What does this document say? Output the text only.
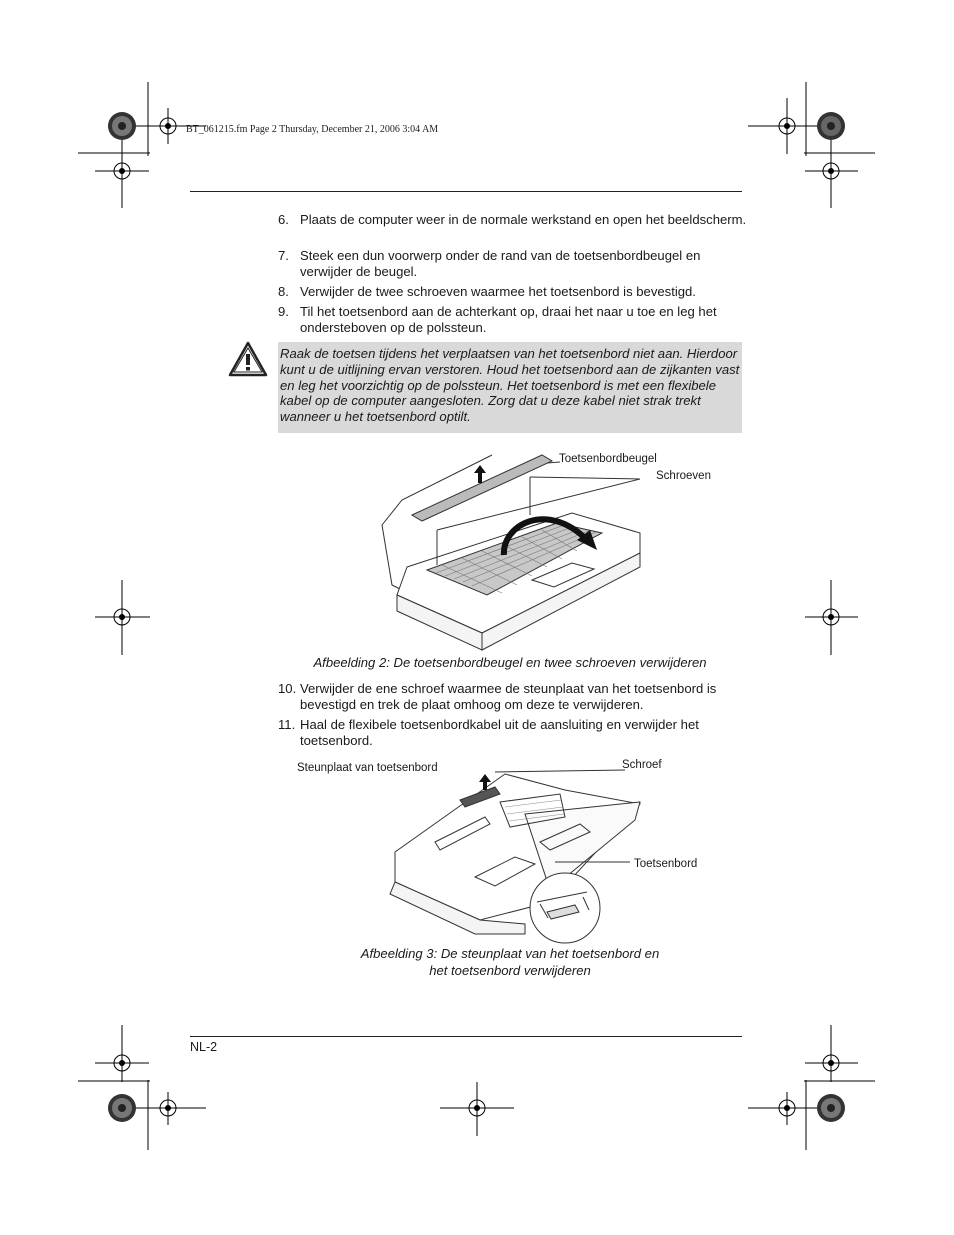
BT_061215.fm Page 2 Thursday, December 21, 2006 3:04 AM
6. Plaats de computer weer in de normale werkstand en open het beeldscherm.
7. Steek een dun voorwerp onder de rand van de toetsenbordbeugel en verwijder de beugel.
8. Verwijder de twee schroeven waarmee het toetsenbord is bevestigd.
9. Til het toetsenbord aan de achterkant op, draai het naar u toe en leg het ondersteboven op de polssteun.
Raak de toetsen tijdens het verplaatsen van het toetsenbord niet aan. Hierdoor kunt u de uitlijning ervan verstoren. Houd het toetsenbord aan de zijkanten vast en leg het voorzichtig op de polssteun. Het toetsenbord is met een flexibele kabel op de computer aangesloten. Zorg dat u deze kabel niet strak trekt wanneer u het toetsenbord optilt.
Toetsenbordbeugel
Schroeven
Afbeelding 2: De toetsenbordbeugel en twee schroeven verwijderen
10. Verwijder de ene schroef waarmee de steunplaat van het toetsenbord is bevestigd en trek de plaat omhoog om deze te verwijderen.
11. Haal de flexibele toetsenbordkabel uit de aansluiting en verwijder het toetsenbord.
Steunplaat van toetsenbord	Schroef
Toetsenbord
Afbeelding 3: De steunplaat van het toetsenbord en
het toetsenbord verwijderen
NL-2
